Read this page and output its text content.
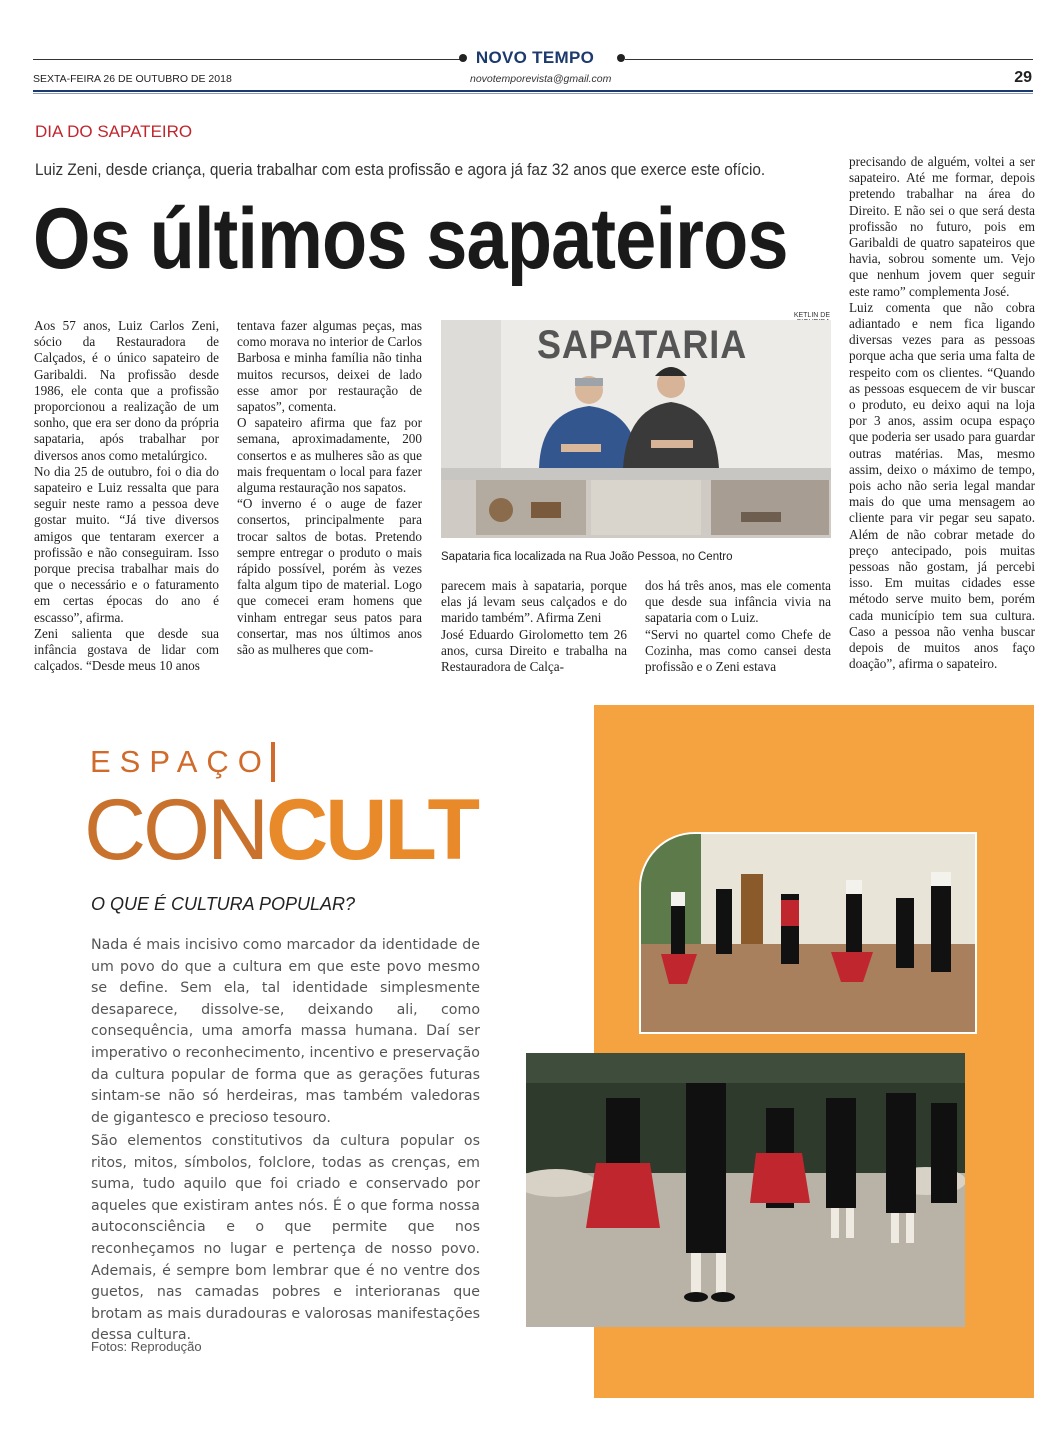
NOVO TEMPO
SEXTA-FEIRA 26 DE OUTUBRO DE 2018	novotemporevista@gmail.com	29
DIA DO SAPATEIRO
Luiz Zeni, desde criança, queria trabalhar com esta profissão e agora já faz 32 anos que exerce este ofício.
Os últimos sapateiros
Aos 57 anos, Luiz Carlos Zeni, sócio da Restauradora de Calçados, é o único sapateiro de Garibaldi. Na profissão desde 1986, ele conta que a profissão proporcionou a realização de um sonho, que era ser dono da própria sapataria, após trabalhar por diversos anos como metalúrgico.
No dia 25 de outubro, foi o dia do sapateiro e Luiz ressalta que para seguir neste ramo a pessoa deve gostar muito. “Já tive diversos amigos que tentaram exercer a profissão e não conseguiram. Isso porque precisa trabalhar mais do que o necessário e o faturamento em certas épocas do ano é escasso”, afirma.
Zeni salienta que desde sua infância gostava de lidar com calçados. “Desde meus 10 anos
tentava fazer algumas peças, mas como morava no interior de Carlos Barbosa e minha família não tinha muitos recursos, deixei de lado esse amor por restauração de sapatos”, comenta.
O sapateiro afirma que faz por semana, aproximadamente, 200 consertos e as mulheres são as que mais frequentam o local para fazer alguma restauração nos sapatos.
“O inverno é o auge de fazer consertos, principalmente para trocar saltos de botas. Pretendo sempre entregar o produto o mais rápido possível, porém às vezes falta algum tipo de material. Logo que comecei eram homens que vinham entregar seus patos para consertar, mas nos últimos anos são as mulheres que com-
KETLIN DE
SAPATARIA
Sapataria fica localizada na Rua João Pessoa, no Centro
parecem mais à sapataria, porque elas já levam seus calçados e do marido também”. Afirma Zeni
José Eduardo Girolometto tem 26 anos, cursa Direito e trabalha na Restauradora de Calça-
dos há três anos, mas ele comenta que desde sua infância vivia na sapataria com o Luiz.
“Servi no quartel como Chefe de Cozinha, mas como cansei desta profissão e o Zeni estava
precisando de alguém, voltei a ser sapateiro. Até me formar, depois pretendo trabalhar na área do Direito. E não sei o que será desta profissão no futuro, pois em Garibaldi de quatro sapateiros que havia, sobrou somente um. Vejo que nenhum jovem quer seguir este ramo” complementa José.
Luiz comenta que não cobra adiantado e nem fica ligando diversas vezes para as pessoas porque acha que seria uma falta de respeito com os clientes. “Quando as pessoas esquecem de vir buscar o produto, eu deixo aqui na loja por 3 anos, assim ocupa espaço que poderia ser usado para guardar outras matérias. Mas, mesmo assim, deixo o máximo de tempo, pois acho não seria legal mandar mais do que uma mensagem ao cliente para vir pegar seu sapato. Além de não cobrar metade do preço antecipado, pois muitas pessoas não gostam, já percebi isso. Em muitas cidades esse método serve muito bem, porém cada município tem sua cultura. Caso a pessoa não venha buscar depois de muitos anos faço doação”, afirma o sapateiro.
ESPAÇO
CONCULT
O QUE É CULTURA POPULAR?
Nada é mais incisivo como marcador da identidade de um povo do que a cultura em que este povo mesmo se define. Sem ela, tal identidade simplesmente desaparece, dissolve-se, deixando ali, como consequência, uma amorfa massa humana. Daí ser imperativo o reconhecimento, incentivo e preservação da cultura popular de forma que as gerações futuras sintam-se não só herdeiras, mas também valedoras de gigantesco e precioso tesouro.
São elementos constitutivos da cultura popular os ritos, mitos, símbolos, folclore, todas as crenças, em suma, tudo aquilo que foi criado e conservado por aqueles que existiram antes nós. É o que forma nossa autoconsciência e o que permite que nos reconheçamos no lugar e pertença de nosso povo. Ademais, é sempre bom lembrar que é no ventre dos guetos, nas camadas pobres e interioranas que brotam as mais duradouras e valorosas manifestações dessa cultura.
Fotos: Reprodução
